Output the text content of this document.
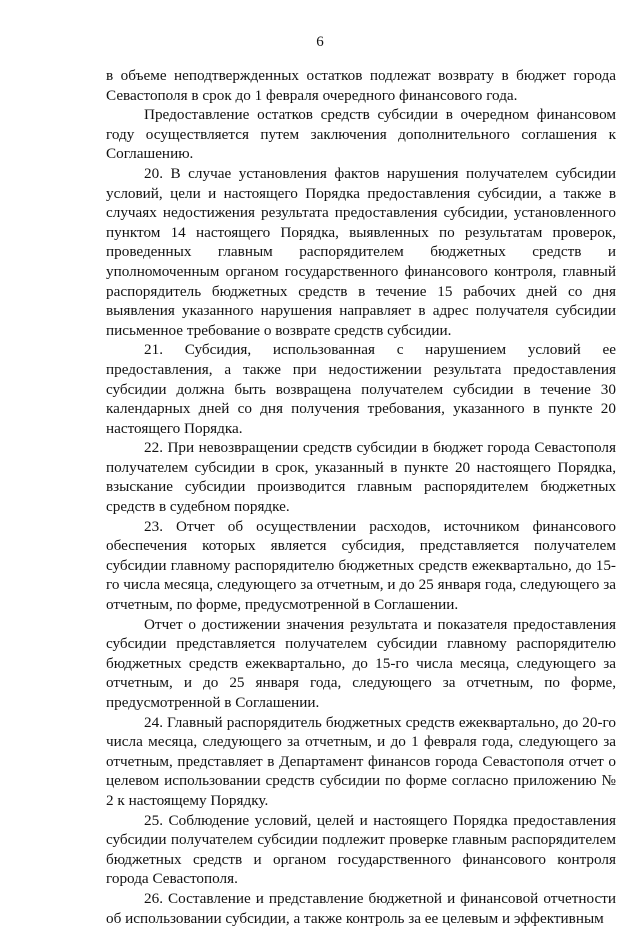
6

в объеме неподтвержденных остатков подлежат возврату в бюджет города Севастополя в срок до 1 февраля очередного финансового года.

Предоставление остатков средств субсидии в очередном финансовом году осуществляется путем заключения дополнительного соглашения к Соглашению.

20. В случае установления фактов нарушения получателем субсидии условий, цели и настоящего Порядка предоставления субсидии, а также в случаях недостижения результата предоставления субсидии, установленного пунктом 14 настоящего Порядка, выявленных по результатам проверок, проведенных главным распорядителем бюджетных средств и уполномоченным органом государственного финансового контроля, главный распорядитель бюджетных средств в течение 15 рабочих дней со дня выявления указанного нарушения направляет в адрес получателя субсидии письменное требование о возврате средств субсидии.

21. Субсидия, использованная с нарушением условий ее предоставления, а также при недостижении результата предоставления субсидии должна быть возвращена получателем субсидии в течение 30 календарных дней со дня получения требования, указанного в пункте 20 настоящего Порядка.

22. При невозвращении средств субсидии в бюджет города Севастополя получателем субсидии в срок, указанный в пункте 20 настоящего Порядка, взыскание субсидии производится главным распорядителем бюджетных средств в судебном порядке.

23. Отчет об осуществлении расходов, источником финансового обеспечения которых является субсидия, представляется получателем субсидии главному распорядителю бюджетных средств ежеквартально, до 15-го числа месяца, следующего за отчетным, и до 25 января года, следующего за отчетным, по форме, предусмотренной в Соглашении.

Отчет о достижении значения результата и показателя предоставления субсидии представляется получателем субсидии главному распорядителю бюджетных средств ежеквартально, до 15-го числа месяца, следующего за отчетным, и до 25 января года, следующего за отчетным, по форме, предусмотренной в Соглашении.

24. Главный распорядитель бюджетных средств ежеквартально, до 20-го числа месяца, следующего за отчетным, и до 1 февраля года, следующего за отчетным, представляет в Департамент финансов города Севастополя отчет о целевом использовании средств субсидии по форме согласно приложению № 2 к настоящему Порядку.

25. Соблюдение условий, целей и настоящего Порядка предоставления субсидии получателем субсидии подлежит проверке главным распорядителем бюджетных средств и органом государственного финансового контроля города Севастополя.

26. Составление и представление бюджетной и финансовой отчетности об использовании субсидии, а также контроль за ее целевым и эффективным
